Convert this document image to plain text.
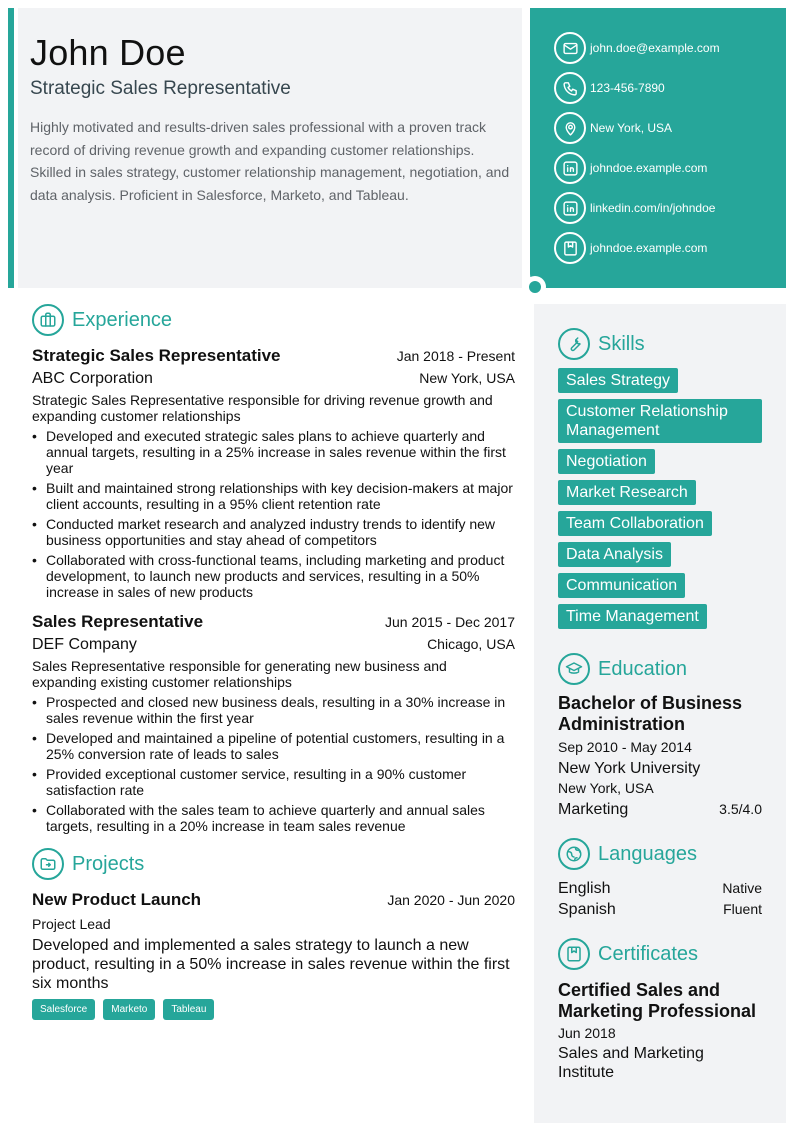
John Doe
Strategic Sales Representative

Highly motivated and results-driven sales professional with a proven track record of driving revenue growth and expanding customer relationships. Skilled in sales strategy, customer relationship management, negotiation, and data analysis. Proficient in Salesforce, Marketo, and Tableau.

john.doe@example.com
123-456-7890
New York, USA
johndoe.example.com
linkedin.com/in/johndoe
johndoe.example.com
Experience
Strategic Sales Representative	Jan 2018 - Present
ABC Corporation	New York, USA

Strategic Sales Representative responsible for driving revenue growth and expanding customer relationships

• Developed and executed strategic sales plans to achieve quarterly and annual targets, resulting in a 25% increase in sales revenue within the first year
• Built and maintained strong relationships with key decision-makers at major client accounts, resulting in a 95% client retention rate
• Conducted market research and analyzed industry trends to identify new business opportunities and stay ahead of competitors
• Collaborated with cross-functional teams, including marketing and product development, to launch new products and services, resulting in a 50% increase in sales of new products
Sales Representative	Jun 2015 - Dec 2017
DEF Company	Chicago, USA

Sales Representative responsible for generating new business and expanding existing customer relationships

• Prospected and closed new business deals, resulting in a 30% increase in sales revenue within the first year
• Developed and maintained a pipeline of potential customers, resulting in a 25% conversion rate of leads to sales
• Provided exceptional customer service, resulting in a 90% customer satisfaction rate
• Collaborated with the sales team to achieve quarterly and annual sales targets, resulting in a 20% increase in team sales revenue
Projects
New Product Launch	Jan 2020 - Jun 2020
Project Lead

Developed and implemented a sales strategy to launch a new product, resulting in a 50% increase in sales revenue within the first six months

Salesforce	Marketo	Tableau
Skills
Sales Strategy
Customer Relationship Management
Negotiation
Market Research
Team Collaboration
Data Analysis
Communication
Time Management
Education
Bachelor of Business Administration
Sep 2010 - May 2014
New York University
New York, USA
Marketing	3.5/4.0
Languages
English	Native
Spanish	Fluent
Certificates
Certified Sales and Marketing Professional
Jun 2018
Sales and Marketing Institute
